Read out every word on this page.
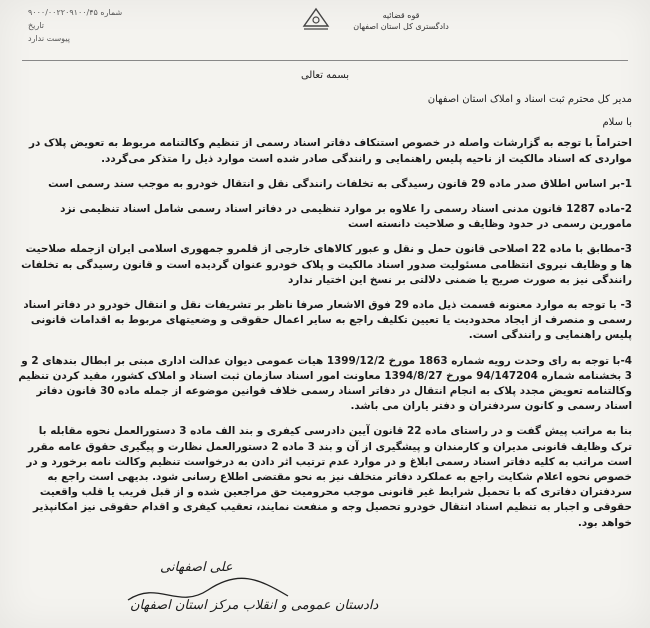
شماره ۹۰۰۰/۰۰۲۲۰۹۱۰۰/۴۵
تاریخ
پیوست ندارد
قوه قضائیه
دادگستری کل استان اصفهان
بسمه تعالی

مدیر کل محترم ثبت اسناد و املاک استان اصفهان

با سلام

احتراماً با توجه به گزارشات واصله در خصوص استنکاف دفاتر اسناد رسمی از تنظیم وکالتنامه مربوط به تعویض پلاک در مواردی که اسناد مالکیت از ناحیه پلیس راهنمایی و رانندگی صادر شده است موارد ذیل را متذکر می‌گردد.

1-بر اساس اطلاق صدر ماده 29 قانون رسیدگی به تخلفات رانندگی نقل و انتقال خودرو به موجب سند رسمی است

2-ماده 1287 قانون مدنی اسناد رسمی را علاوه بر موارد تنظیمی در دفاتر اسناد رسمی شامل اسناد تنظیمی نزد مامورین رسمی در حدود وظایف و صلاحیت دانسته است

3-مطابق با ماده 22 اصلاحی قانون حمل و نقل و عبور کالاهای خارجی از قلمرو جمهوری اسلامی ایران ازجمله صلاحیت ها و وظایف نیروی انتظامی مسئولیت صدور اسناد مالکیت و پلاک خودرو عنوان گردیده است و قانون رسیدگی به تخلفات رانندگی نیز به صورت صریح یا ضمنی دلالتی بر نسخ این اختیار ندارد

3- با توجه به موارد معنونه قسمت ذیل ماده 29 فوق الاشعار صرفا ناظر بر تشریفات نقل و انتقال خودرو در دفاتر اسناد رسمی و منصرف از ایجاد محدودیت یا تعیین تکلیف راجع به سایر اعمال حقوقی و وضعیتهای مربوط به اقدامات قانونی پلیس راهنمایی و رانندگی است.

4-با توجه به رای وحدت رویه شماره 1863 مورخ 1399/12/2 هیات عمومی دیوان عدالت اداری مبنی بر ابطال بندهای 2 و 3 بخشنامه شماره 94/147204 مورخ 1394/8/27 معاونت امور اسناد سازمان ثبت اسناد و املاک کشور، مقید کردن تنظیم وکالتنامه تعویض مجدد پلاک به انجام انتقال در دفاتر اسناد رسمی خلاف قوانین موضوعه از جمله ماده 30 قانون دفاتر اسناد رسمی و کانون سردفتران و دفتر یاران می باشد.

بنا به مراتب پیش گفت و در راستای ماده 22 قانون آیین دادرسی کیفری و بند الف ماده 3 دستورالعمل نحوه مقابله با ترک وظایف قانونی مدیران و کارمندان و پیشگیری از آن و بند 3 ماده 2 دستورالعمل نظارت و پیگیری حقوق عامه مقرر است مراتب به کلیه دفاتر اسناد رسمی ابلاغ و در موارد عدم ترتیب اثر دادن به درخواست تنظیم وکالت نامه برخورد و در خصوص نحوه اعلام شکایت راجع به عملکرد دفاتر متخلف نیز به نحو مقتضی اطلاع رسانی شود. بدیهی است راجع به سردفتران دفاتری که با تحمیل شرایط غیر قانونی موجب محرومیت حق مراجعین شده و از قبل فریب یا قلب واقعیت حقوقی و اجبار به تنظیم اسناد انتقال خودرو تحصیل وجه و منفعت نمایند، تعقیب کیفری و اقدام حقوقی نیز امکانپذیر خواهد بود.

علی اصفهانی
دادستان عمومی و انقلاب مرکز استان اصفهان
